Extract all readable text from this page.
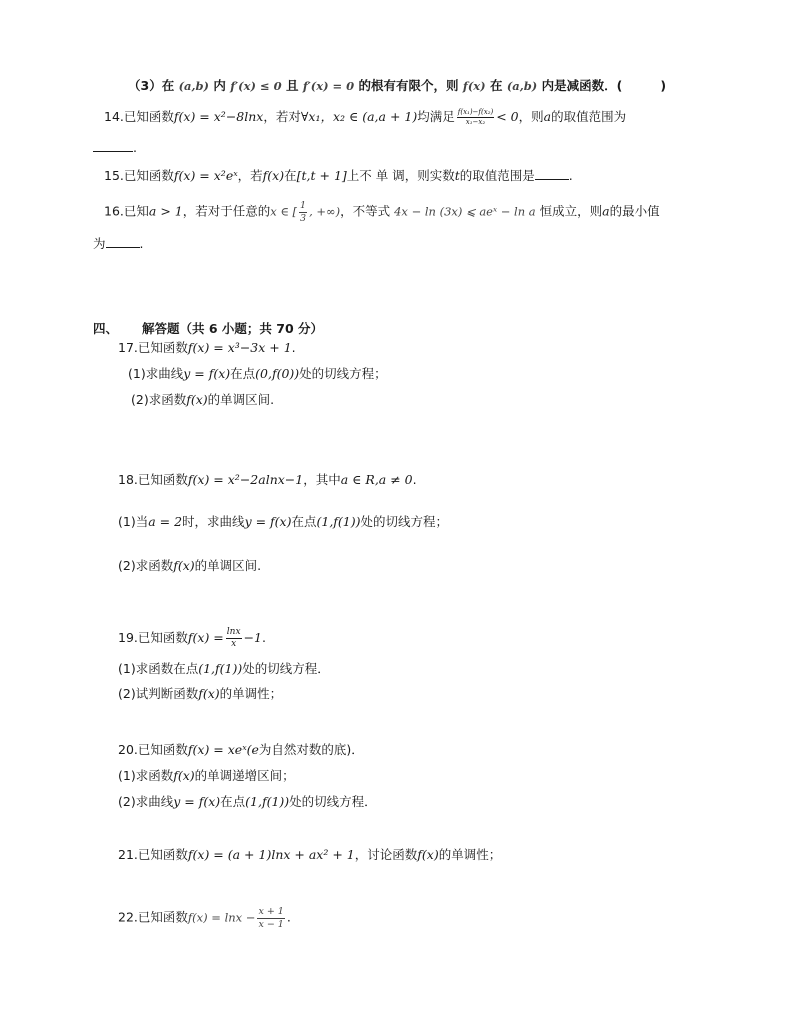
（3）在 (a,b) 内 f′(x) ≤ 0 且 f′(x) = 0 的根有有限个，则 f(x) 在 (a,b) 内是减函数．(	)
14.已知函数f(x) = x²−8lnx，若对∀x₁，x₂ ∈ (a,a + 1)均满足 $\frac{\text{f(x₁)−f(x₂)}}{\text{x₁−x₂}} < 0$，则a的取值范围为
.
15.已知函数f(x) = x²eˣ，若f(x)在[t,t + 1]上不 单 调，则实数t的取值范围是	.
16.已知a > 1，若对于任意的x ∈ [ $\frac{1}{3}$ , +∞)，不等式 4x − ln (3x) ⩽ aeˣ − ln a 恒成立，则a的最小值
为	.
四、 解答题（共 6 小题；共 70 分）
17.已知函数f(x) = x³−3x + 1.
(1)求曲线y = f(x)在点(0,f(0))处的切线方程；
(2)求函数f(x)的单调区间.
18.已知函数f(x) = x²−2alnx−1，其中a ∈ R,a ≠ 0.
(1)当a = 2时，求曲线y = f(x)在点(1,f(1))处的切线方程；
(2)求函数f(x)的单调区间.
19.已知函数$f(x) = \frac{\ln x}{x} -1$.
(1)求函数在点(1,f(1))处的切线方程．
(2)试判断函数f(x)的单调性；
20.已知函数f(x) = xeˣ(e为自然对数的底)．
(1)求函数f(x)的单调递增区间；
(2)求曲线y = f(x)在点(1,f(1))处的切线方程．
21.已知函数f(x) = (a + 1)lnx + ax² + 1，讨论函数f(x)的单调性；
22.已知函数$f(x) = \ln x - \frac{x + 1}{x - 1}$ .
